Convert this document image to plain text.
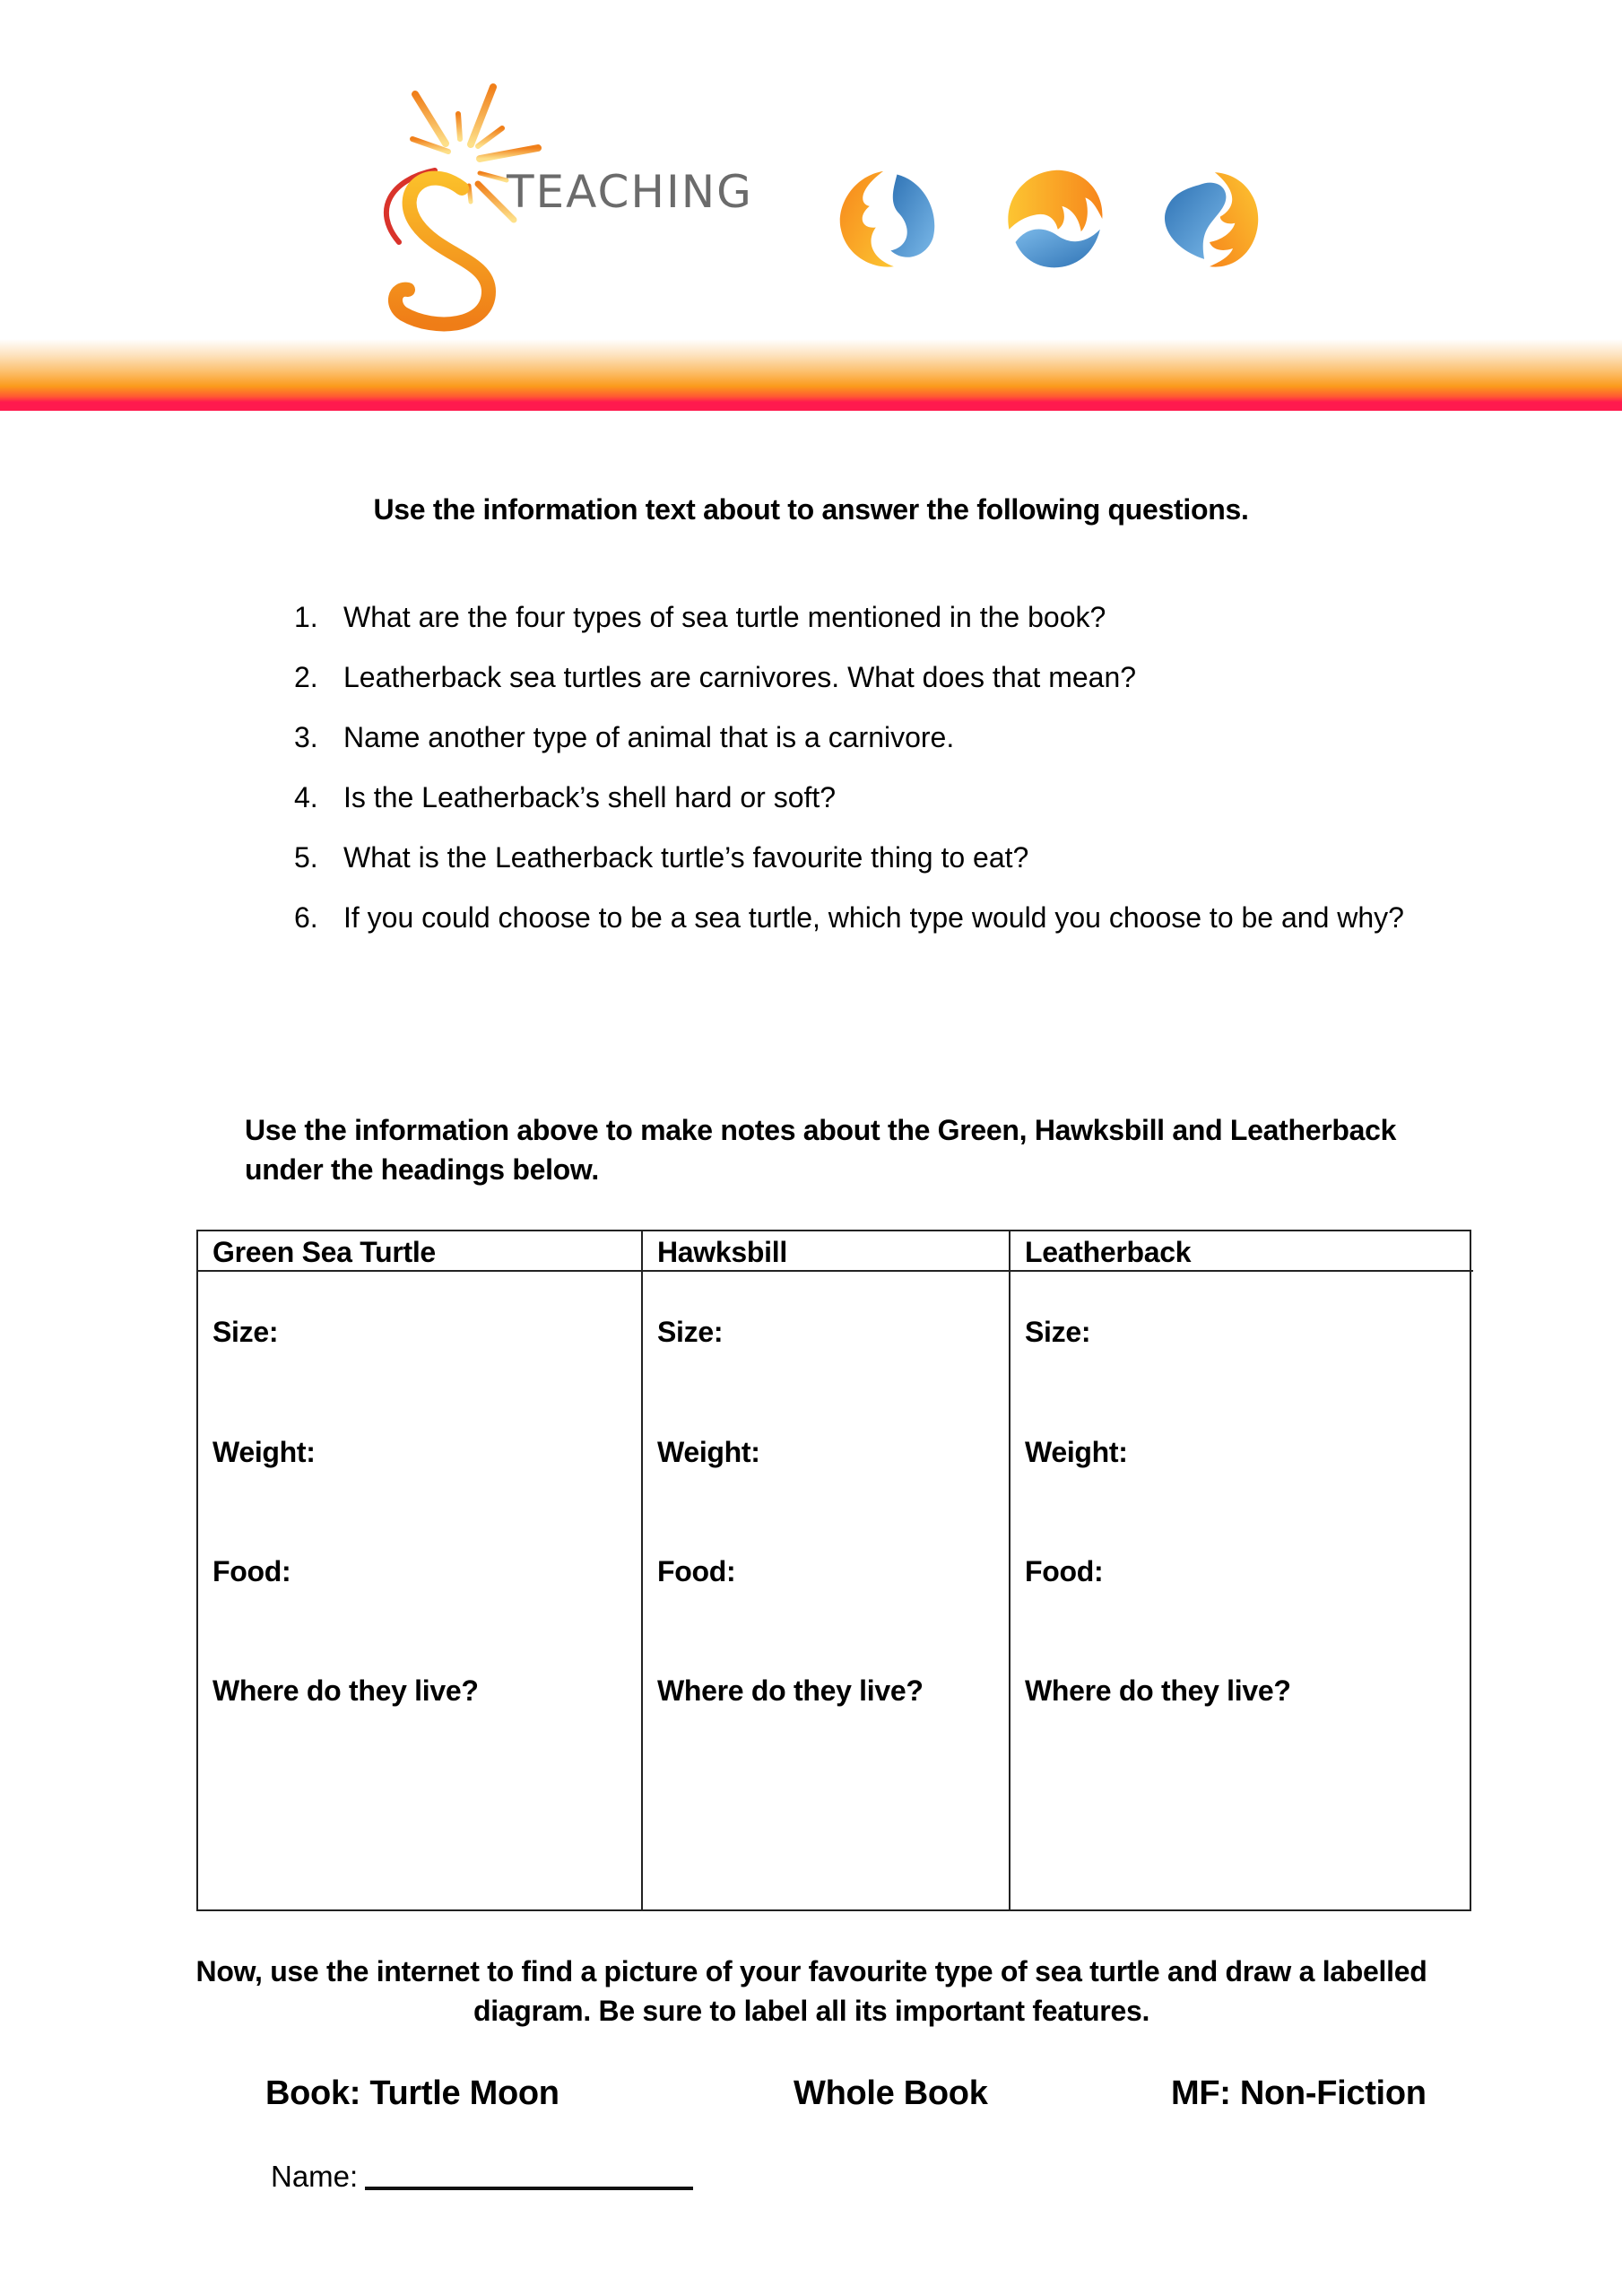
TEACHING
Use the information text about to answer the following questions.
1. What are the four types of sea turtle mentioned in the book?
2. Leatherback sea turtles are carnivores. What does that mean?
3. Name another type of animal that is a carnivore.
4. Is the Leatherback’s shell hard or soft?
5. What is the Leatherback turtle’s favourite thing to eat?
6. If you could choose to be a sea turtle, which type would you choose to be and why?
Use the information above to make notes about the Green, Hawksbill and Leatherback under the headings below.
Green Sea Turtle
Size:
Weight:
Food:
Where do they live?
Hawksbill
Size:
Weight:
Food:
Where do they live?
Leatherback
Size:
Weight:
Food:
Where do they live?
Now, use the internet to find a picture of your favourite type of sea turtle and draw a labelled diagram. Be sure to label all its important features.
Book: Turtle Moon	Whole Book	MF: Non-Fiction
Name:
